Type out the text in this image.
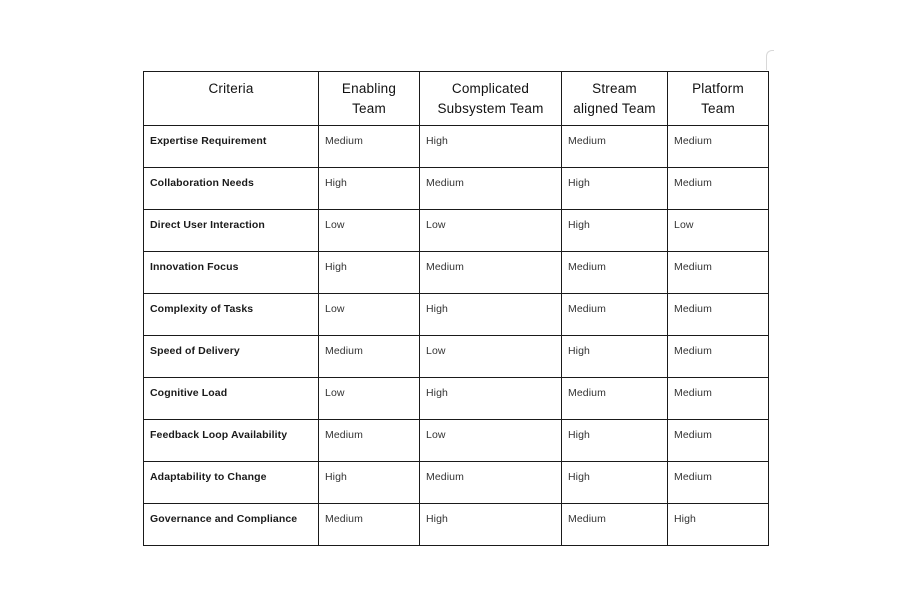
Criteria	Enabling Team	Complicated Subsystem Team	Stream aligned Team	Platform Team
Expertise Requirement	Medium	High	Medium	Medium
Collaboration Needs	High	Medium	High	Medium
Direct User Interaction	Low	Low	High	Low
Innovation Focus	High	Medium	Medium	Medium
Complexity of Tasks	Low	High	Medium	Medium
Speed of Delivery	Medium	Low	High	Medium
Cognitive Load	Low	High	Medium	Medium
Feedback Loop Availability	Medium	Low	High	Medium
Adaptability to Change	High	Medium	High	Medium
Governance and Compliance	Medium	High	Medium	High
